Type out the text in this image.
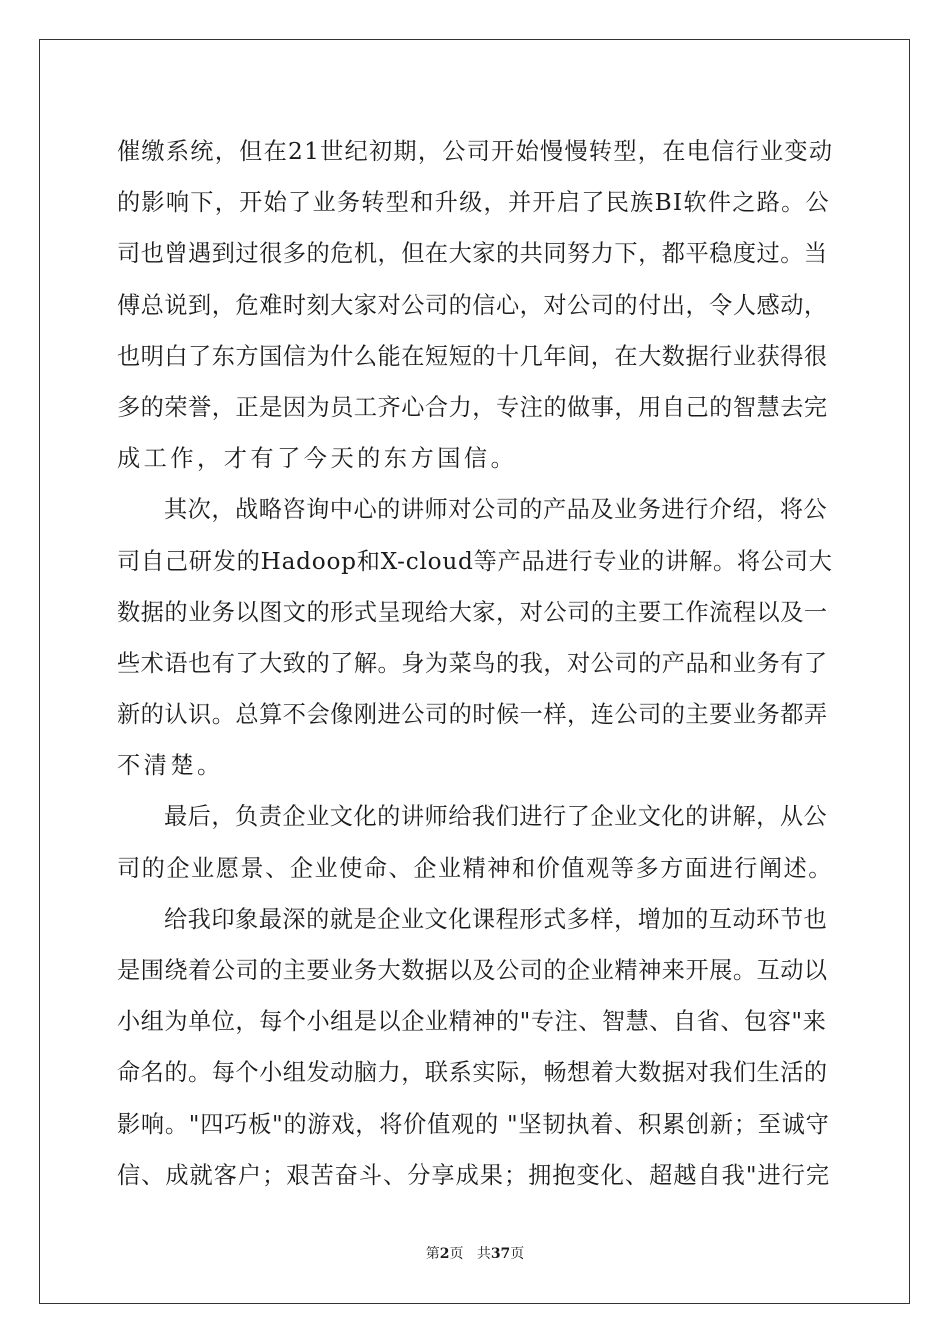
催缴系统，但在21世纪初期，公司开始慢慢转型，在电信行业变动
的影响下，开始了业务转型和升级，并开启了民族BI软件之路。公
司也曾遇到过很多的危机，但在大家的共同努力下，都平稳度过。当
傅总说到，危难时刻大家对公司的信心，对公司的付出，令人感动，
也明白了东方国信为什么能在短短的十几年间，在大数据行业获得很
多的荣誉，正是因为员工齐心合力，专注的做事，用自己的智慧去完
成工作，才有了今天的东方国信。
其次，战略咨询中心的讲师对公司的产品及业务进行介绍，将公
司自己研发的Hadoop和X-cloud等产品进行专业的讲解。将公司大
数据的业务以图文的形式呈现给大家，对公司的主要工作流程以及一
些术语也有了大致的了解。身为菜鸟的我，对公司的产品和业务有了
新的认识。总算不会像刚进公司的时候一样，连公司的主要业务都弄
不清楚。
最后，负责企业文化的讲师给我们进行了企业文化的讲解，从公
司的企业愿景、企业使命、企业精神和价值观等多方面进行阐述。
给我印象最深的就是企业文化课程形式多样，增加的互动环节也
是围绕着公司的主要业务大数据以及公司的企业精神来开展。互动以
小组为单位，每个小组是以企业精神的"专注、智慧、自省、包容"来
命名的。每个小组发动脑力，联系实际，畅想着大数据对我们生活的
影响。"四巧板"的游戏，将价值观的 "坚韧执着、积累创新；至诚守
信、成就客户；艰苦奋斗、分享成果；拥抱变化、超越自我"进行完
第2页 共37页
